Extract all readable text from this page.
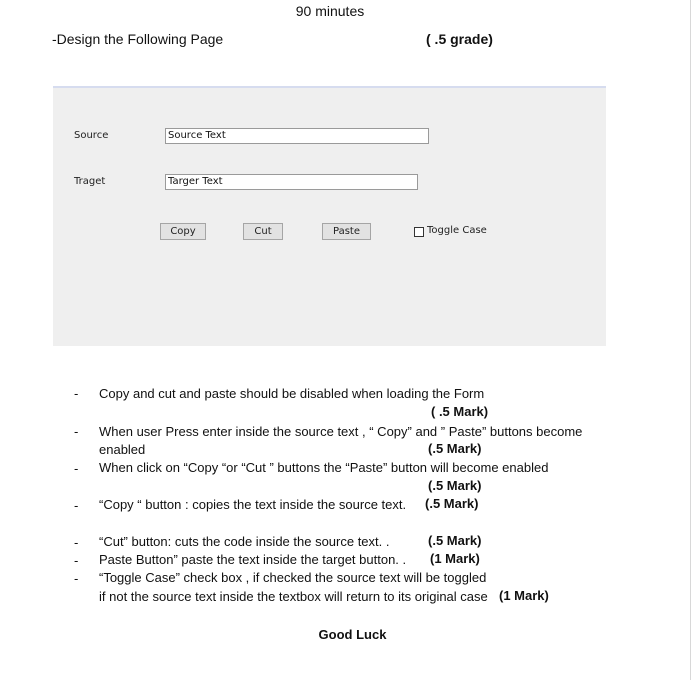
90 minutes
-Design the Following Page	( .5 grade)
Source	Source Text
Traget	Targer Text
Copy	Cut	Paste	Toggle Case
- Copy and cut and paste should be disabled when loading the Form
( .5 Mark)
- When user Press enter inside the source text , “ Copy” and ” Paste” buttons become
enabled	(.5 Mark)
- When click on “Copy “or “Cut ” buttons the “Paste” button will become enabled
(.5 Mark)
- “Copy “ button : copies the text inside the source text. (.5 Mark)
- “Cut” button: cuts the code inside the source text. .	(.5 Mark)
- Paste Button” paste the text inside the target button. . (1 Mark)
- “Toggle Case” check box , if checked the source text will be toggled
if not the source text inside the textbox will return to its original case (1 Mark)
Good Luck
